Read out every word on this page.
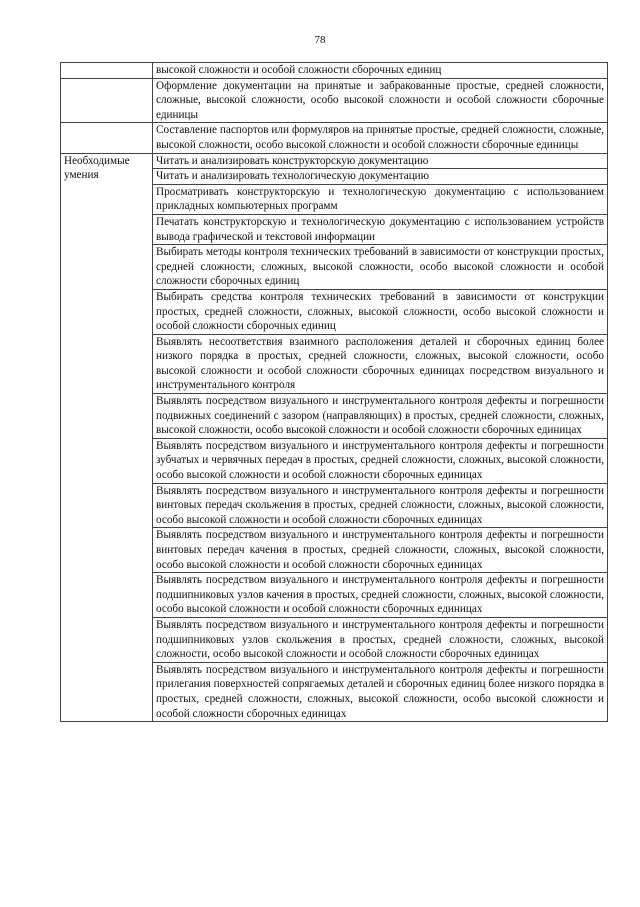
78
	высокой сложности и особой сложности сборочных единиц
	Оформление документации на принятые и забракованные простые, средней сложности, сложные, высокой сложности, особо высокой сложности и особой сложности сборочные единицы
	Составление паспортов или формуляров на принятые простые, средней сложности, сложные, высокой сложности, особо высокой сложности и особой сложности сборочные единицы
Необходимые умения	Читать и анализировать конструкторскую документацию
	Читать и анализировать технологическую документацию
	Просматривать конструкторскую и технологическую документацию с использованием прикладных компьютерных программ
	Печатать конструкторскую и технологическую документацию с использованием устройств вывода графической и текстовой информации
	Выбирать методы контроля технических требований в зависимости от конструкции простых, средней сложности, сложных, высокой сложности, особо высокой сложности и особой сложности сборочных единиц
	Выбирать средства контроля технических требований в зависимости от конструкции простых, средней сложности, сложных, высокой сложности, особо высокой сложности и особой сложности сборочных единиц
	Выявлять несоответствия взаимного расположения деталей и сборочных единиц более низкого порядка в простых, средней сложности, сложных, высокой сложности, особо высокой сложности и особой сложности сборочных единицах посредством визуального и инструментального контроля
	Выявлять посредством визуального и инструментального контроля дефекты и погрешности подвижных соединений с зазором (направляющих) в простых, средней сложности, сложных, высокой сложности, особо высокой сложности и особой сложности сборочных единицах
	Выявлять посредством визуального и инструментального контроля дефекты и погрешности зубчатых и червячных передач в простых, средней сложности, сложных, высокой сложности, особо высокой сложности и особой сложности сборочных единицах
	Выявлять посредством визуального и инструментального контроля дефекты и погрешности винтовых передач скольжения в простых, средней сложности, сложных, высокой сложности, особо высокой сложности и особой сложности сборочных единицах
	Выявлять посредством визуального и инструментального контроля дефекты и погрешности винтовых передач качения в простых, средней сложности, сложных, высокой сложности, особо высокой сложности и особой сложности сборочных единицах
	Выявлять посредством визуального и инструментального контроля дефекты и погрешности подшипниковых узлов качения в простых, средней сложности, сложных, высокой сложности, особо высокой сложности и особой сложности сборочных единицах
	Выявлять посредством визуального и инструментального контроля дефекты и погрешности подшипниковых узлов скольжения в простых, средней сложности, сложных, высокой сложности, особо высокой сложности и особой сложности сборочных единицах
	Выявлять посредством визуального и инструментального контроля дефекты и погрешности прилегания поверхностей сопрягаемых деталей и сборочных единиц более низкого порядка в простых, средней сложности, сложных, высокой сложности, особо высокой сложности и особой сложности сборочных единицах
